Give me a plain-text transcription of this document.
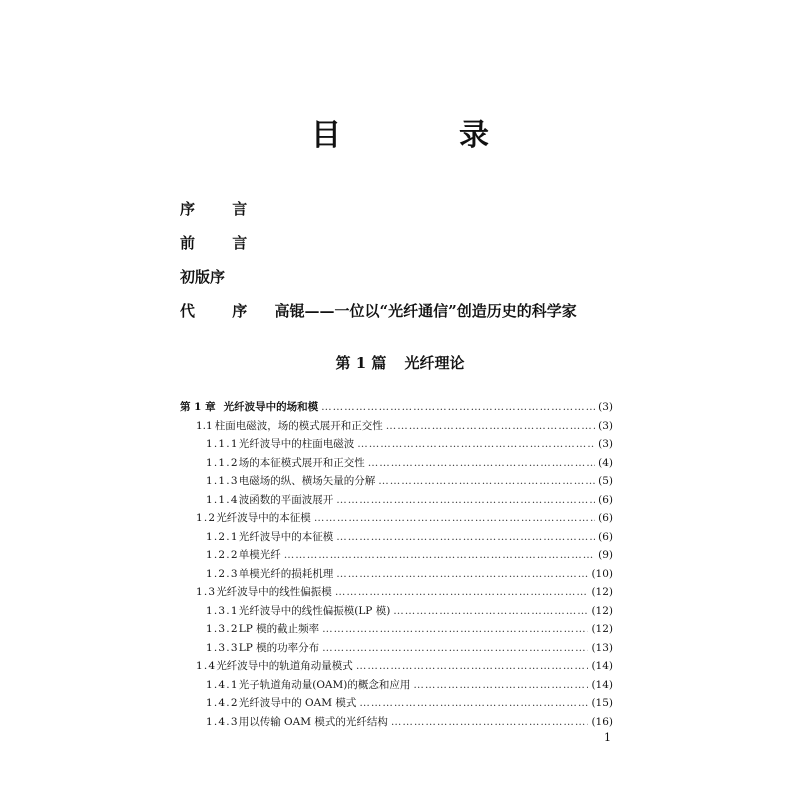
目　录
序 言
前 言
初版序
代 序 高锟——一位以“光纤通信”创造历史的科学家
第 1 篇 光纤理论
第 1 章 光纤波导中的场和模 ……………………………………………………………………………………………………………………………………………………………………………………………………	(3)
1.1 柱面电磁波，场的模式展开和正交性 ……………………………………………………………………………………………………………………………………………………………………………………………………	(3)
1.1.1 光纤波导中的柱面电磁波 ……………………………………………………………………………………………………………………………………………………………………………………………………	(3)
1.1.2 场的本征模式展开和正交性 ……………………………………………………………………………………………………………………………………………………………………………………………………	(4)
1.1.3 电磁场的纵、横场矢量的分解 ……………………………………………………………………………………………………………………………………………………………………………………………………	(5)
1.1.4 波函数的平面波展开 ……………………………………………………………………………………………………………………………………………………………………………………………………	(6)
1.2 光纤波导中的本征模 ……………………………………………………………………………………………………………………………………………………………………………………………………	(6)
1.2.1 光纤波导中的本征模 ……………………………………………………………………………………………………………………………………………………………………………………………………	(6)
1.2.2 单模光纤 ……………………………………………………………………………………………………………………………………………………………………………………………………	(9)
1.2.3 单模光纤的损耗机理 ……………………………………………………………………………………………………………………………………………………………………………………………………	(10)
1.3 光纤波导中的线性偏振模 ……………………………………………………………………………………………………………………………………………………………………………………………………	(12)
1.3.1 光纤波导中的线性偏振模(LP 模) ……………………………………………………………………………………………………………………………………………………………………………………………………	(12)
1.3.2 LP 模的截止频率 ……………………………………………………………………………………………………………………………………………………………………………………………………	(12)
1.3.3 LP 模的功率分布 ……………………………………………………………………………………………………………………………………………………………………………………………………	(13)
1.4 光纤波导中的轨道角动量模式 ……………………………………………………………………………………………………………………………………………………………………………………………………	(14)
1.4.1 光子轨道角动量(OAM)的概念和应用 ……………………………………………………………………………………………………………………………………………………………………………………………………	(14)
1.4.2 光纤波导中的 OAM 模式 ……………………………………………………………………………………………………………………………………………………………………………………………………	(15)
1.4.3 用以传输 OAM 模式的光纤结构 ……………………………………………………………………………………………………………………………………………………………………………………………………	(16)
1
